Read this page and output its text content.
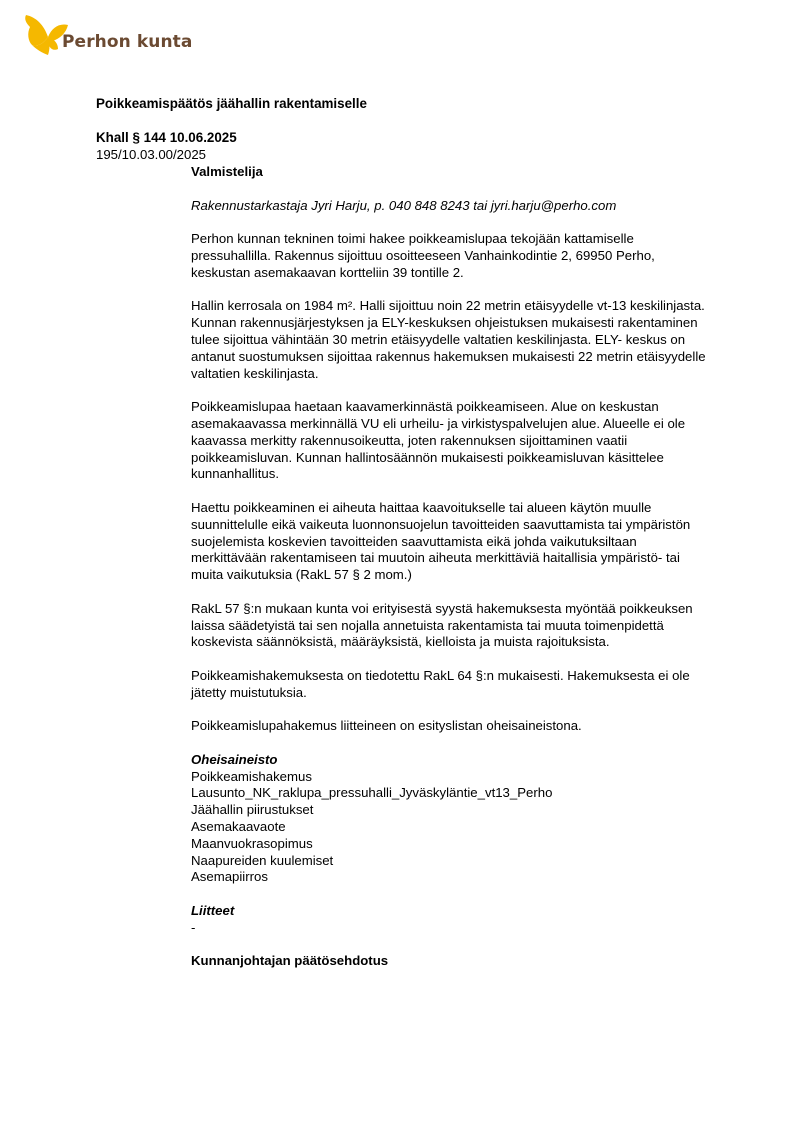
Perhon kunta
Poikkeamispäätös jäähallin rakentamiselle
Khall § 144 10.06.2025
195/10.03.00/2025

Valmistelija

Rakennustarkastaja Jyri Harju, p. 040 848 8243 tai jyri.harju@perho.com

Perhon kunnan tekninen toimi hakee poikkeamislupaa tekojään kattamiselle pressuhallilla. Rakennus sijoittuu osoitteeseen Vanhainkodintie 2, 69950 Perho, keskustan asemakaavan kortteliin 39 tontille 2.

Hallin kerrosala on 1984 m². Halli sijoittuu noin 22 metrin etäisyydelle vt-13 keskilinjasta. Kunnan rakennusjärjestyksen ja ELY-keskuksen ohjeistuksen mukaisesti rakentaminen tulee sijoittua vähintään 30 metrin etäisyydelle valtatien keskilinjasta. ELY- keskus on antanut suostumuksen sijoittaa rakennus hakemuksen mukaisesti 22 metrin etäisyydelle valtatien keskilinjasta.

Poikkeamislupaa haetaan kaavamerkinnästä poikkeamiseen. Alue on keskustan asemakaavassa merkinnällä VU eli urheilu- ja virkistyspalvelujen alue. Alueelle ei ole kaavassa merkitty rakennusoikeutta, joten rakennuksen sijoittaminen vaatii poikkeamisluvan. Kunnan hallintosäännön mukaisesti poikkeamisluvan käsittelee kunnanhallitus.

Haettu poikkeaminen ei aiheuta haittaa kaavoitukselle tai alueen käytön muulle suunnittelulle eikä vaikeuta luonnonsuojelun tavoitteiden saavuttamista tai ympäristön suojelemista koskevien tavoitteiden saavuttamista eikä johda vaikutuksiltaan merkittävään rakentamiseen tai muutoin aiheuta merkittäviä haitallisia ympäristö- tai muita vaikutuksia (RakL 57 § 2 mom.)

RakL 57 §:n mukaan kunta voi erityisestä syystä hakemuksesta myöntää poikkeuksen laissa säädetyistä tai sen nojalla annetuista rakentamista tai muuta toimenpidettä koskevista säännöksistä, määräyksistä, kielloista ja muista rajoituksista.

Poikkeamishakemuksesta on tiedotettu RakL 64 §:n mukaisesti. Hakemuksesta ei ole jätetty muistutuksia.

Poikkeamislupahakemus liitteineen on esityslistan oheisaineistona.

Oheisaineisto

Poikkeamishakemus
Lausunto_NK_raklupa_pressuhalli_Jyväskyläntie_vt13_Perho
Jäähallin piirustukset
Asemakaavaote
Maanvuokrasopimus
Naapureiden kuulemiset
Asemapiirros

Liitteet

-

Kunnanjohtajan päätösehdotus
